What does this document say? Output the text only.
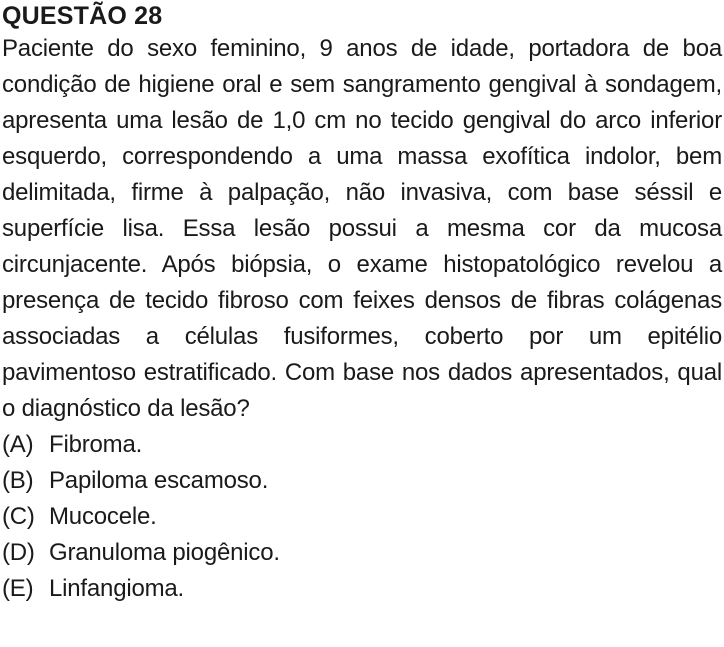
QUESTÃO 28

Paciente do sexo feminino, 9 anos de idade, portadora de boa condição de higiene oral e sem sangramento gengival à sondagem, apresenta uma lesão de 1,0 cm no tecido gengival do arco inferior esquerdo, correspondendo a uma massa exofítica indolor, bem delimitada, firme à palpação, não invasiva, com base séssil e superfície lisa. Essa lesão possui a mesma cor da mucosa circunjacente. Após biópsia, o exame histopatológico revelou a presença de tecido fibroso com feixes densos de fibras colágenas associadas a células fusiformes, coberto por um epitélio pavimentoso estratificado. Com base nos dados apresentados, qual o diagnóstico da lesão?

(A) Fibroma.
(B) Papiloma escamoso.
(C) Mucocele.
(D) Granuloma piogênico.
(E) Linfangioma.
